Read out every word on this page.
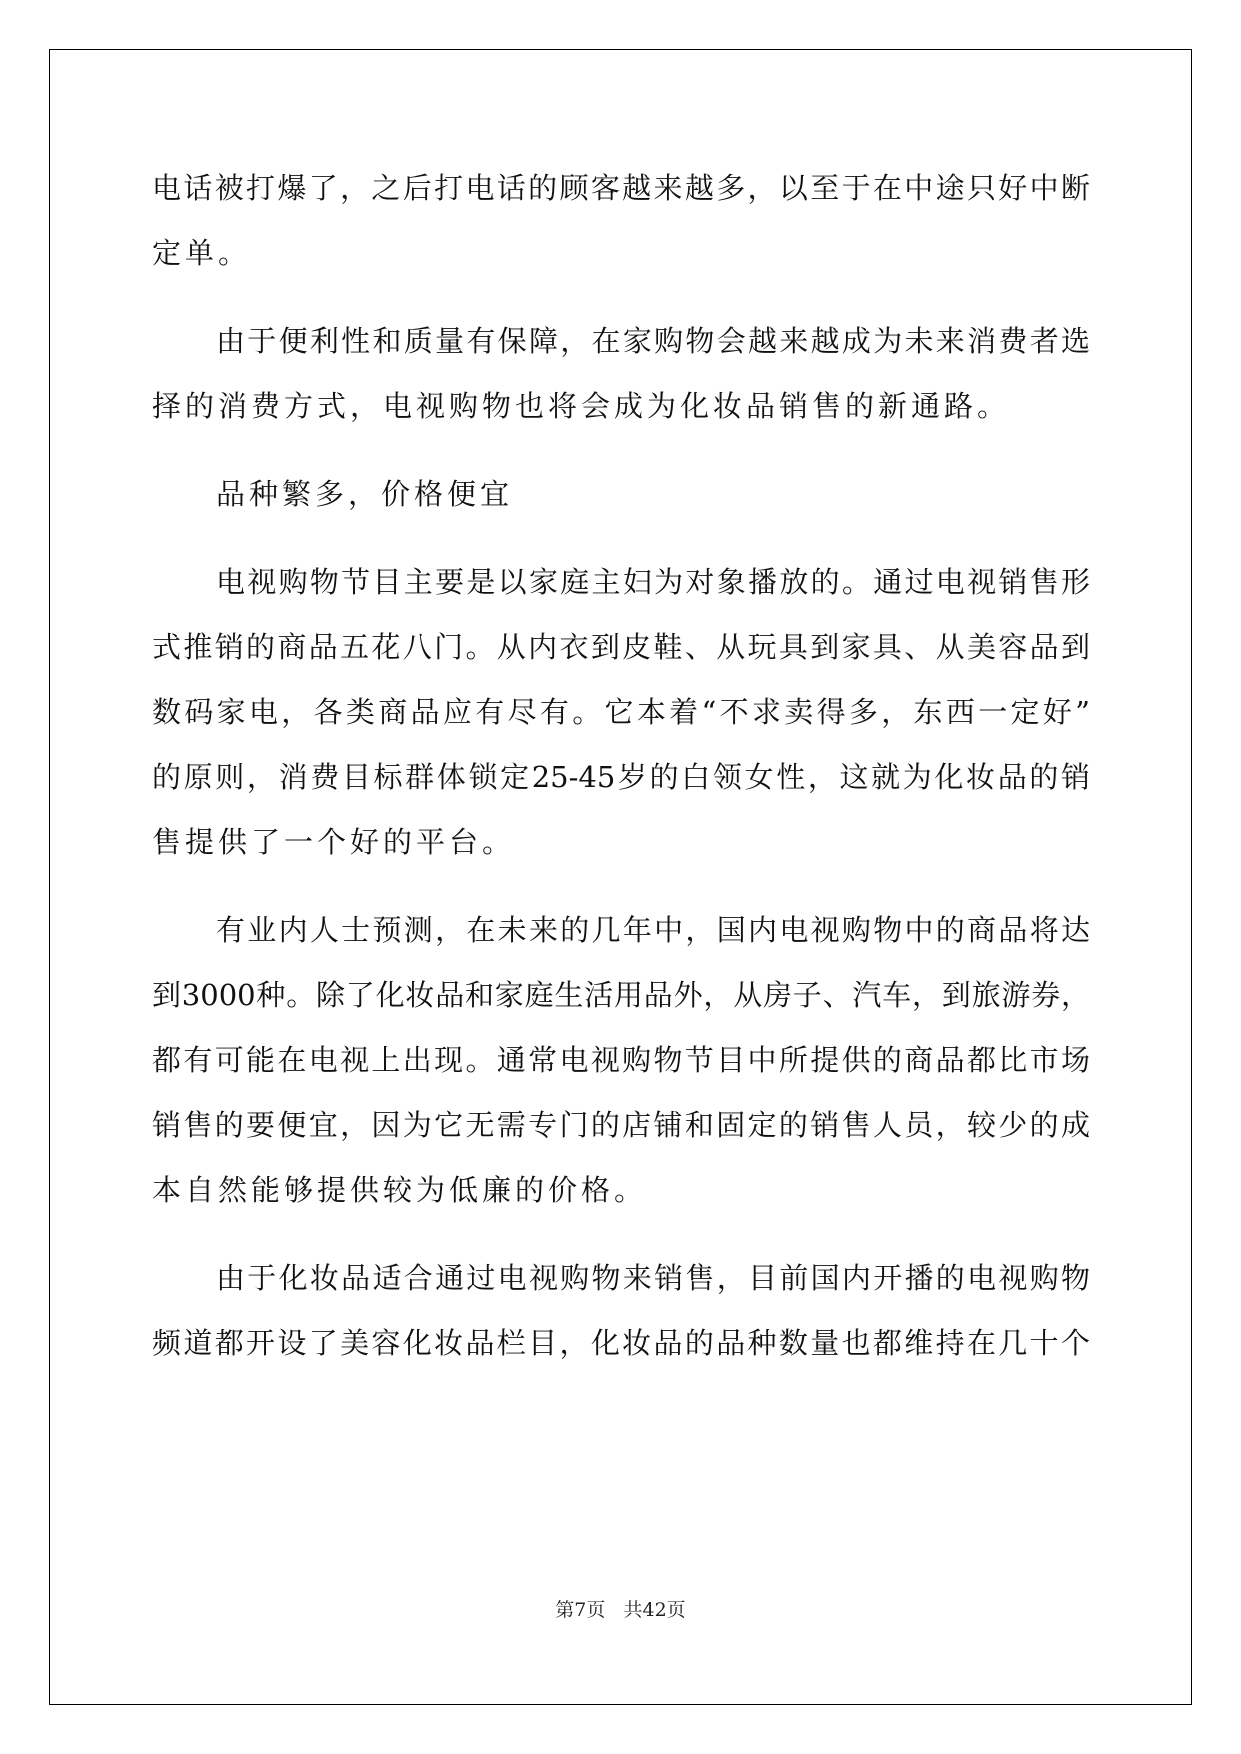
电话被打爆了，之后打电话的顾客越来越多，以至于在中途只好中断
定单。
由于便利性和质量有保障，在家购物会越来越成为未来消费者选
择的消费方式，电视购物也将会成为化妆品销售的新通路。
品种繁多，价格便宜
电视购物节目主要是以家庭主妇为对象播放的。通过电视销售形
式推销的商品五花八门。从内衣到皮鞋、从玩具到家具、从美容品到
数码家电，各类商品应有尽有。它本着“不求卖得多，东西一定好”
的原则，消费目标群体锁定25-45岁的白领女性，这就为化妆品的销
售提供了一个好的平台。
有业内人士预测，在未来的几年中，国内电视购物中的商品将达
到3000种。除了化妆品和家庭生活用品外，从房子、汽车，到旅游券，
都有可能在电视上出现。通常电视购物节目中所提供的商品都比市场
销售的要便宜，因为它无需专门的店铺和固定的销售人员，较少的成
本自然能够提供较为低廉的价格。
由于化妆品适合通过电视购物来销售，目前国内开播的电视购物
频道都开设了美容化妆品栏目，化妆品的品种数量也都维持在几十个
第7页   共42页
